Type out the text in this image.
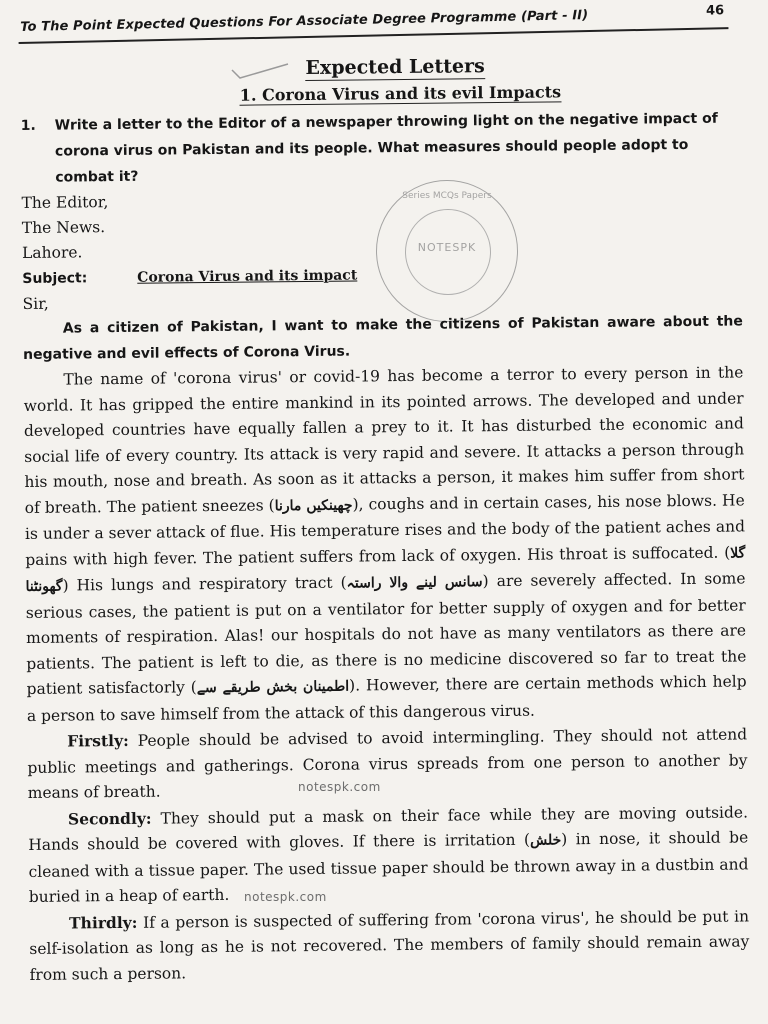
To The Point Expected Questions For Associate Degree Programme (Part - II)	46
Series MCQs Papers
NOTESPK
Expected Letters
1. Corona Virus and its evil Impacts
1. Write a letter to the Editor of a newspaper throwing light on the negative impact of corona virus on Pakistan and its people. What measures should people adopt to combat it?
The Editor,
The News.
Lahore.
Subject:	Corona Virus and its impact
Sir,

As a citizen of Pakistan, I want to make the citizens of Pakistan aware about the negative and evil effects of Corona Virus.

The name of 'corona virus' or covid-19 has become a terror to every person in the world. It has gripped the entire mankind in its pointed arrows. The developed and under developed countries have equally fallen a prey to it. It has disturbed the economic and social life of every country. Its attack is very rapid and severe. It attacks a person through his mouth, nose and breath. As soon as it attacks a person, it makes him suffer from short of breath. The patient sneezes (چھینکیں مارنا), coughs and in certain cases, his nose blows. He is under a sever attack of flue. His temperature rises and the body of the patient aches and pains with high fever. The patient suffers from lack of oxygen. His throat is suffocated. (گلا گھونٹنا) His lungs and respiratory tract (سانس لینے والا راستہ) are severely affected. In some serious cases, the patient is put on a ventilator for better supply of oxygen and for better moments of respiration. Alas! our hospitals do not have as many ventilators as there are patients. The patient is left to die, as there is no medicine discovered so far to treat the patient satisfactorly (اطمینان بخش طریقے سے). However, there are certain methods which help a person to save himself from the attack of this dangerous virus.

Firstly: People should be advised to avoid intermingling. They should not attend public meetings and gatherings. Corona virus spreads from one person to another by means of breath.

Secondly: They should put a mask on their face while they are moving outside. Hands should be covered with gloves. If there is irritation (خلش) in nose, it should be cleaned with a tissue paper. The used tissue paper should be thrown away in a dustbin and buried in a heap of earth.

Thirdly: If a person is suspected of suffering from 'corona virus', he should be put in self-isolation as long as he is not recovered. The members of family should remain away from such a person.

notespk.com
notespk.com
